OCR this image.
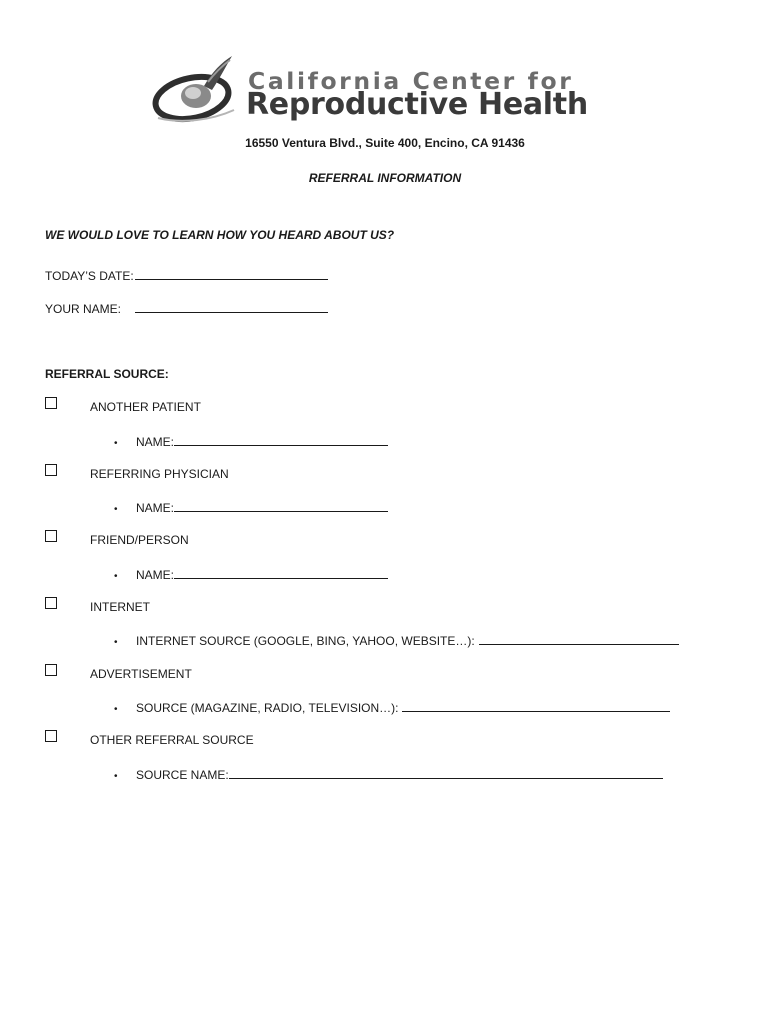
California Center for
Reproductive Health
16550 Ventura Blvd., Suite 400, Encino, CA 91436
REFERRAL INFORMATION
WE WOULD LOVE TO LEARN HOW YOU HEARD ABOUT US?
TODAY’S DATE:
YOUR NAME:
REFERRAL SOURCE:
ANOTHER PATIENT
• NAME:
REFERRING PHYSICIAN
• NAME:
FRIEND/PERSON
• NAME:
INTERNET
• INTERNET SOURCE (GOOGLE, BING, YAHOO, WEBSITE…):
ADVERTISEMENT
• SOURCE (MAGAZINE, RADIO, TELEVISION…):
OTHER REFERRAL SOURCE
• SOURCE NAME:
